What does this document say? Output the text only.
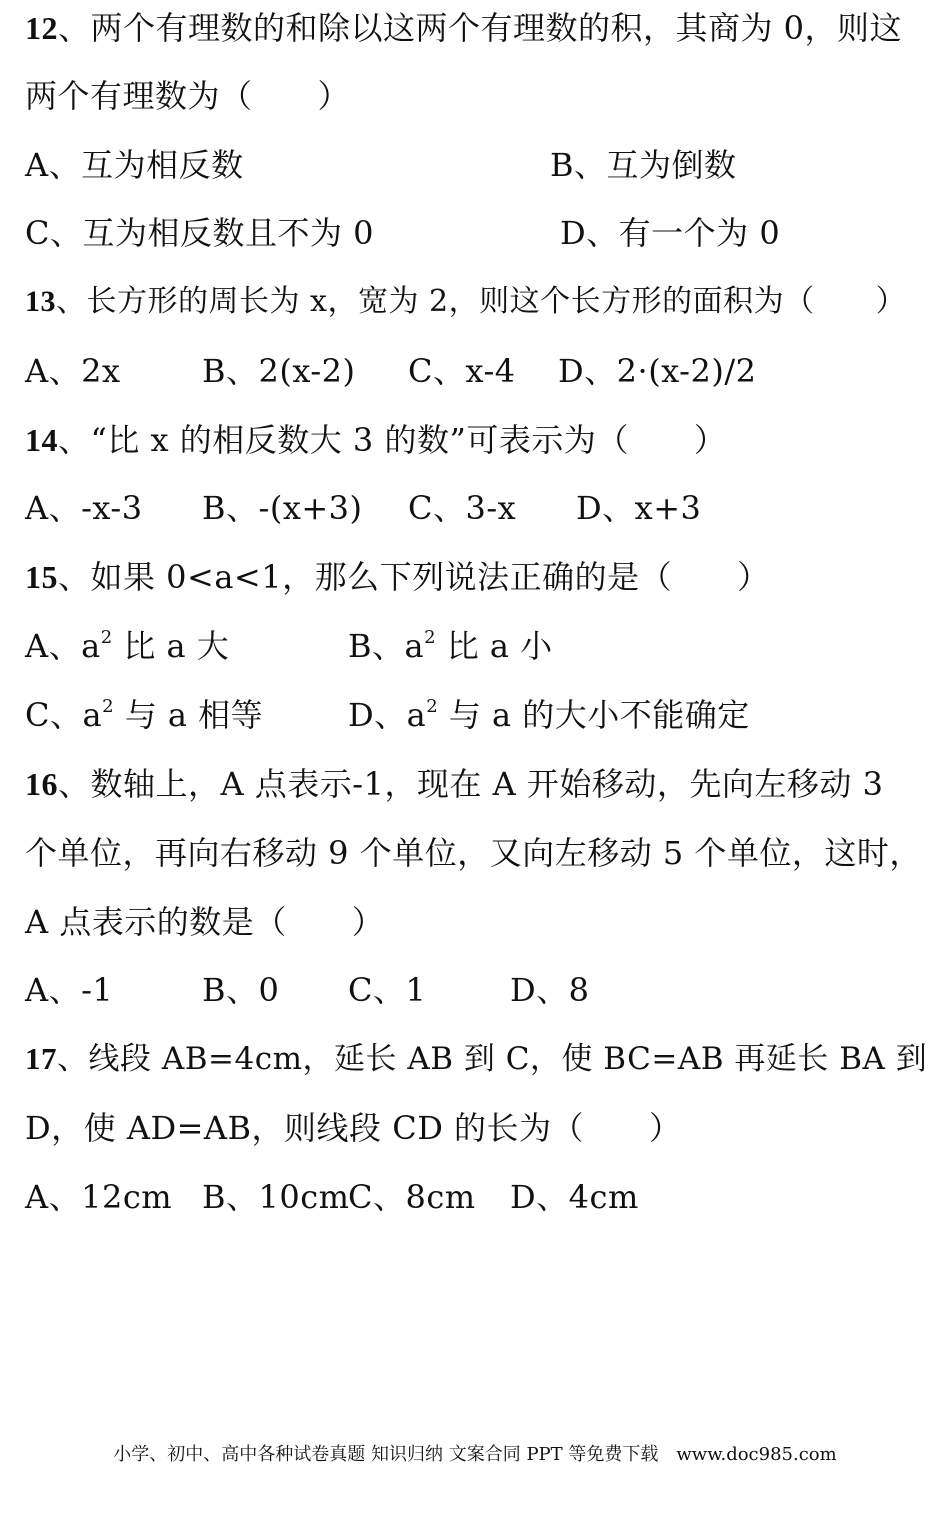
12、两个有理数的和除以这两个有理数的积，其商为 0，则这
两个有理数为（　　）
A、互为相反数	B、互为倒数
C、互为相反数且不为 0	D、有一个为 0
13、长方形的周长为 x，宽为 2，则这个长方形的面积为（　　）
A、2x	B、2(x-2) C、x-4 D、2·(x-2)/2
14、“比 x 的相反数大 3 的数”可表示为（　　）
A、-x-3 B、-(x+3) C、3-x D、x+3
15、如果 0<a<1，那么下列说法正确的是（　　）
A、$a^2$ 比 a 大	B、$a^2$ 比 a 小
C、$a^2$ 与 a 相等	D、$a^2$ 与 a 的大小不能确定
16、数轴上，A 点表示-1，现在 A 开始移动，先向左移动 3
个单位，再向右移动 9 个单位，又向左移动 5 个单位，这时，
A 点表示的数是（　　）
A、-1	B、0 C、1	D、8
17、线段 AB=4cm，延长 AB 到 C，使 BC=AB 再延长 BA 到
D，使 AD=AB，则线段 CD 的长为（　　）
A、12cm B、10cm
C、8cm D、4cm
小学、初中、高中各种试卷真题 知识归纳 文案合同 PPT 等免费下载　www.doc985.com
